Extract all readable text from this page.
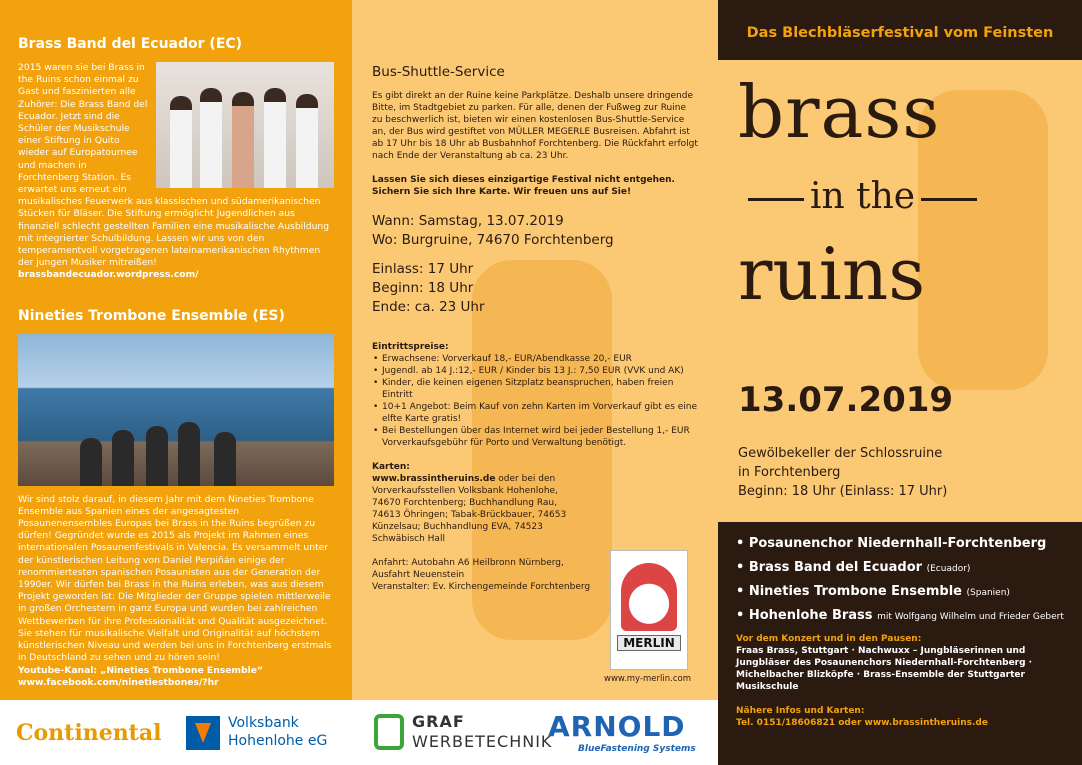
Brass Band del Ecuador (EC)
2015 waren sie bei Brass in the Ruins schon einmal zu Gast und faszinierten alle Zuhörer: Die Brass Band del Ecuador. Jetzt sind die Schüler der Musikschule einer Stiftung in Quito wieder auf Europatournee und machen in Forchtenberg Station. Es erwartet uns erneut ein musikalisches Feuerwerk aus klassischen und südamerikanischen Stücken für Bläser. Die Stiftung ermöglicht Jugendlichen aus finanziell schlecht gestellten Familien eine musikalische Ausbildung mit integrierter Schulbildung. Lassen wir uns von den temperamentvoll vorgetragenen lateinamerikanischen Rhythmen der jungen Musiker mitreißen!
brassbandecuador.wordpress.com/
Nineties Trombone Ensemble (ES)
Wir sind stolz darauf, in diesem Jahr mit dem Nineties Trombone Ensemble aus Spanien eines der angesagtesten Posaunenensembles Europas bei Brass in the Ruins begrüßen zu dürfen! Gegründet wurde es 2015 als Projekt im Rahmen eines internationalen Posaunenfestivals in Valencia. Es versammelt unter der künstlerischen Leitung von Daniel Perpiñán einige der renommiertesten spanischen Posaunisten aus der Generation der 1990er. Wir dürfen bei Brass in the Ruins erleben, was aus diesem Projekt geworden ist: Die Mitglieder der Gruppe spielen mittlerweile in großen Orchestern in ganz Europa und wurden bei zahlreichen Wettbewerben für ihre Professionalität und Qualität ausgezeichnet. Sie stehen für musikalische Vielfalt und Originalität auf höchstem künstlerischen Niveau und werden bei uns in Forchtenberg erstmals in Deutschland zu sehen und zu hören sein!
Youtube-Kanal: „Nineties Trombone Ensemble“
www.facebook.com/ninetiestbones/?hr
Bus-Shuttle-Service
Es gibt direkt an der Ruine keine Parkplätze. Deshalb unsere dringende Bitte, im Stadtgebiet zu parken. Für alle, denen der Fußweg zur Ruine zu beschwerlich ist, bieten wir einen kostenlosen Bus-Shuttle-Service an, der Bus wird gestiftet von MÜLLER MEGERLE Busreisen. Abfahrt ist ab 17 Uhr bis 18 Uhr ab Busbahnhof Forchtenberg. Die Rückfahrt erfolgt nach Ende der Veranstaltung ab ca. 23 Uhr.
Lassen Sie sich dieses einzigartige Festival nicht entgehen. Sichern Sie sich Ihre Karte. Wir freuen uns auf Sie!
Wann: Samstag, 13.07.2019
Wo: Burgruine, 74670 Forchtenberg
Einlass: 17 Uhr
Beginn: 18 Uhr
Ende: ca. 23 Uhr
Eintrittspreise:
• Erwachsene: Vorverkauf 18,- EUR/Abendkasse 20,- EUR
• Jugendl. ab 14 J.:12,- EUR / Kinder bis 13 J.: 7,50 EUR (VVK und AK)
• Kinder, die keinen eigenen Sitzplatz beanspruchen, haben freien Eintritt
• 10+1 Angebot: Beim Kauf von zehn Karten im Vorverkauf gibt es eine elfte Karte gratis!
• Bei Bestellungen über das Internet wird bei jeder Bestellung 1,- EUR Vorverkaufsgebühr für Porto und Verwaltung benötigt.
Karten:
www.brassintheruins.de oder bei den Vorverkaufsstellen Volksbank Hohenlohe, 74670 Forchtenberg; Buchhandlung Rau, 74613 Öhringen; Tabak-Brückbauer, 74653 Künzelsau; Buchhandlung EVA, 74523 Schwäbisch Hall
Anfahrt: Autobahn A6 Heilbronn Nürnberg, Ausfahrt Neuenstein
Veranstalter: Ev. Kirchengemeinde Forchtenberg
MERLIN
www.my-merlin.com
Das Blechbläserfestival vom Feinsten
brass
in the
ruins
13.07.2019
Gewölbekeller der Schlossruine
in Forchtenberg
Beginn: 18 Uhr (Einlass: 17 Uhr)
• Posaunenchor Niedernhall-Forchtenberg
• Brass Band del Ecuador (Ecuador)
• Nineties Trombone Ensemble (Spanien)
• Hohenlohe Brass mit Wolfgang Wilhelm und Frieder Gebert
Vor dem Konzert und in den Pausen:
Fraas Brass, Stuttgart · Nachwuxx – Jungbläserinnen und Jungbläser des Posaunenchors Niedernhall-Forchtenberg · Michelbacher Blizköpfe · Brass-Ensemble der Stuttgarter Musikschule
Nähere Infos und Karten:
Tel. 0151/18606821 oder www.brassintheruins.de
Continental	Volksbank
Hohenlohe eG
GRAF
WERBETECHNIK
ARNOLD
BlueFastening Systems
